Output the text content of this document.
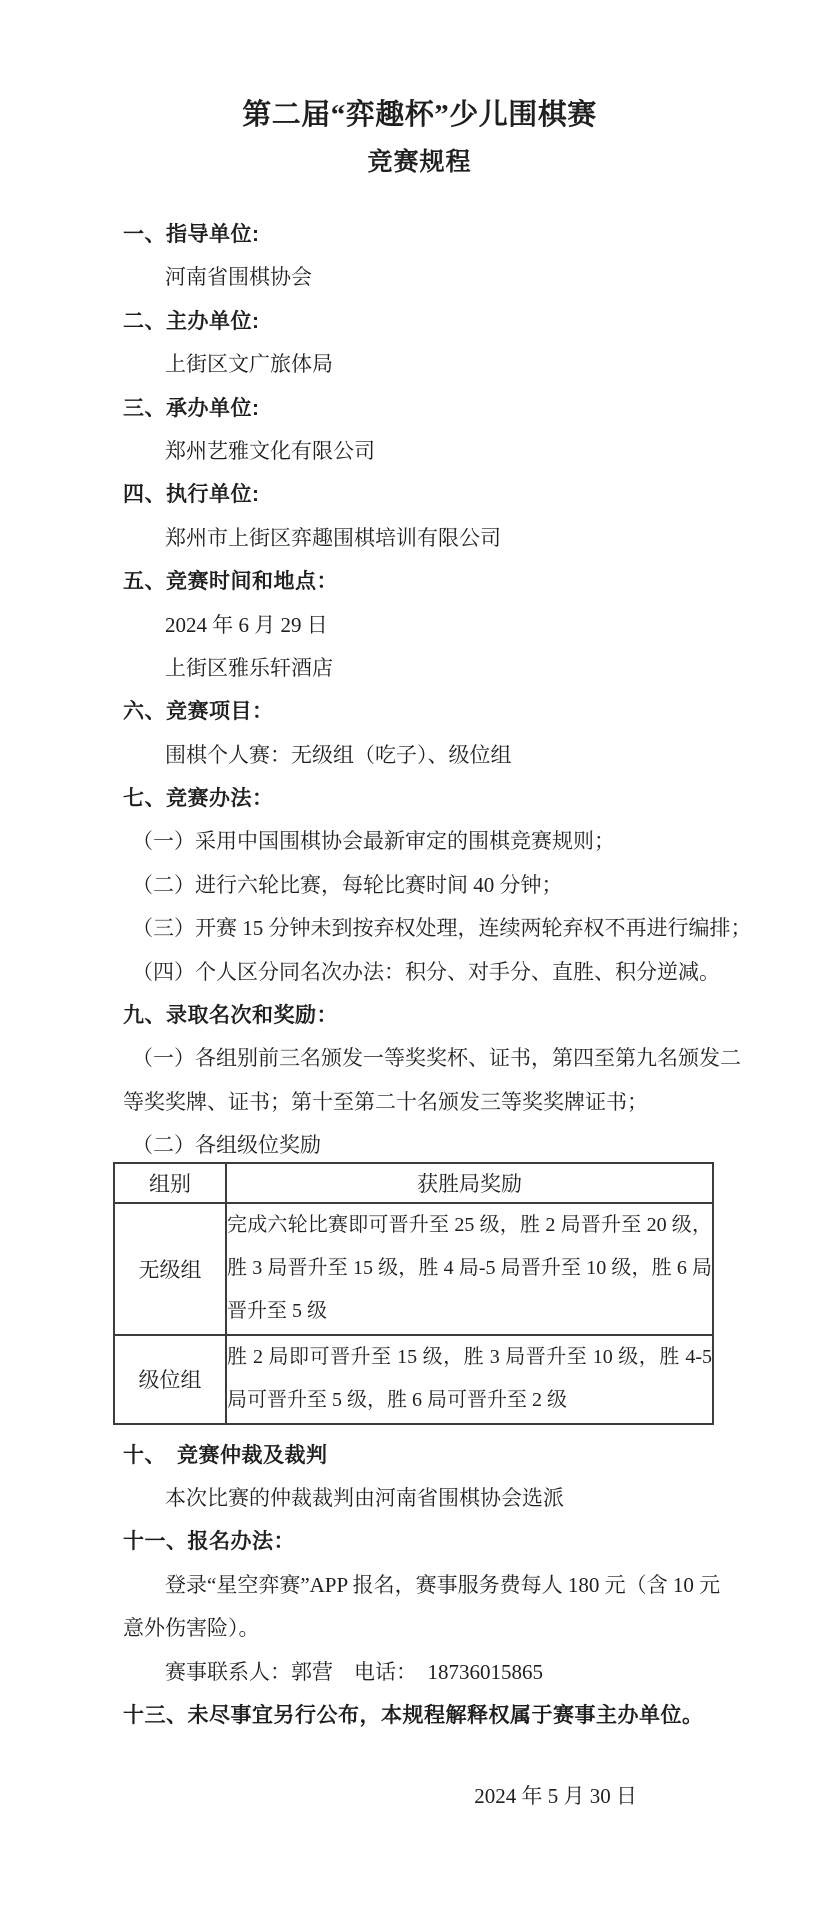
第二届“弈趣杯”少儿围棋赛
竞赛规程
一、指导单位:
河南省围棋协会
二、主办单位:
上街区文广旅体局
三、承办单位:
郑州艺雅文化有限公司
四、执行单位:
郑州市上街区弈趣围棋培训有限公司
五、竞赛时间和地点：
2024 年 6 月 29 日
上街区雅乐轩酒店
六、竞赛项目：
围棋个人赛：无级组（吃子）、级位组
七、竞赛办法：
（一）采用中国围棋协会最新审定的围棋竞赛规则；
（二）进行六轮比赛，每轮比赛时间 40 分钟；
（三）开赛 15 分钟未到按弃权处理，连续两轮弃权不再进行编排；
（四）个人区分同名次办法：积分、对手分、直胜、积分逆减。
九、录取名次和奖励：
（一）各组别前三名颁发一等奖奖杯、证书，第四至第九名颁发二
等奖奖牌、证书；第十至第二十名颁发三等奖奖牌证书；
（二）各组级位奖励
组别	获胜局奖励
无级组	完成六轮比赛即可晋升至 25 级，胜 2 局晋升至 20 级，胜 3 局晋升至 15 级，胜 4 局-5 局晋升至 10 级，胜 6 局晋升至 5 级
级位组	胜 2 局即可晋升至 15 级，胜 3 局晋升至 10 级，胜 4-5 局可晋升至 5 级，胜 6 局可晋升至 2 级
十、　竞赛仲裁及裁判
本次比赛的仲裁裁判由河南省围棋协会选派
十一、报名办法：
登录“星空弈赛”APP 报名，赛事服务费每人 180 元（含 10 元
意外伤害险）。
赛事联系人：郭营　电话：　18736015865
十三、未尽事宜另行公布，本规程解释权属于赛事主办单位。
2024 年 5 月 30 日
